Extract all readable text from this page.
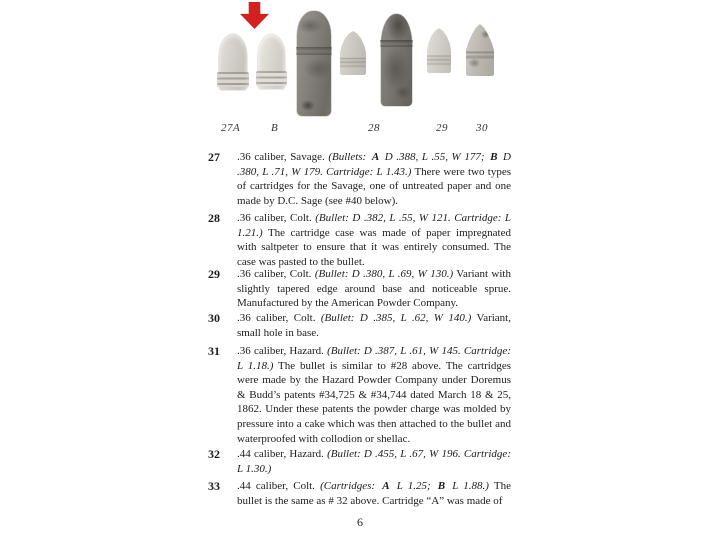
27A	B	28	29	30
27 .36 caliber, Savage. (Bullets: A D .388, L .55, W 177; B D .380, L .71, W 179. Cartridge: L 1.43.) There were two types of cartridges for the Savage, one of untreated paper and one made by D.C. Sage (see #40 below).
28 .36 caliber, Colt. (Bullet: D .382, L .55, W 121. Cartridge: L 1.21.) The cartridge case was made of paper impregnated with saltpeter to ensure that it was entirely consumed. The case was pasted to the bullet.
29 .36 caliber, Colt. (Bullet: D .380, L .69, W 130.) Variant with slightly tapered edge around base and noticeable sprue. Manufactured by the American Powder Company.
30 .36 caliber, Colt. (Bullet: D .385, L .62, W 140.) Variant, small hole in base.
31 .36 caliber, Hazard. (Bullet: D .387, L .61, W 145. Cartridge: L 1.18.) The bullet is similar to #28 above. The cartridges were made by the Hazard Powder Company under Doremus & Budd’s patents #34,725 & #34,744 dated March 18 & 25, 1862. Under these patents the powder charge was molded by pressure into a cake which was then attached to the bullet and waterproofed with collodion or shellac.
32 .44 caliber, Hazard. (Bullet: D .455, L .67, W 196. Cartridge: L 1.30.)
33 .44 caliber, Colt. (Cartridges: A L 1.25; B L 1.88.) The bullet is the same as # 32 above. Cartridge “A” was made of
6
